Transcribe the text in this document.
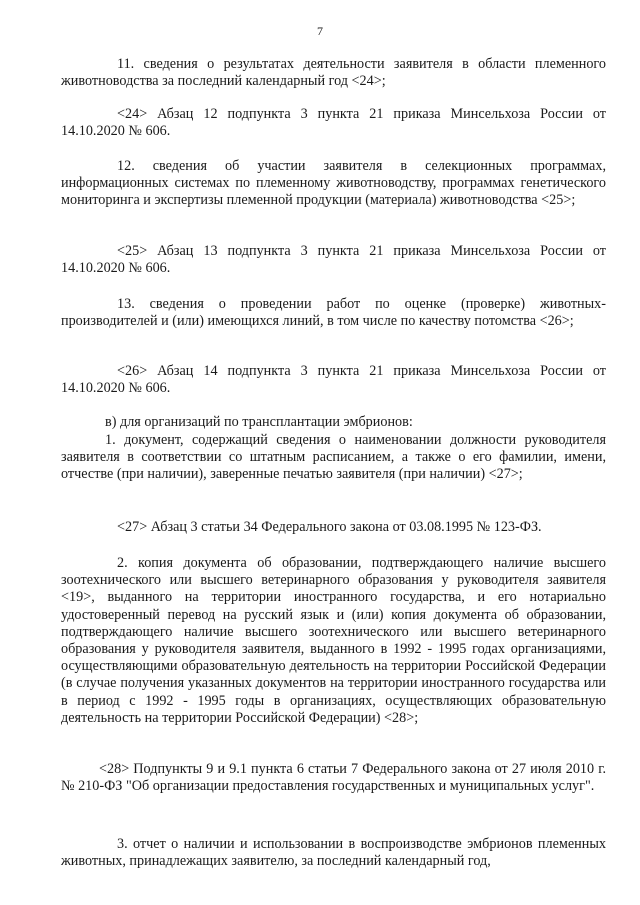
7

11. сведения о результатах деятельности заявителя в области племенного животноводства за последний календарный год <24>;

<24> Абзац 12 подпункта 3 пункта 21 приказа Минсельхоза России от 14.10.2020 № 606.

12. сведения об участии заявителя в селекционных программах, информационных системах по племенному животноводству, программах генетического мониторинга и экспертизы племенной продукции (материала) животноводства <25>;

<25> Абзац 13 подпункта 3 пункта 21 приказа Минсельхоза России от 14.10.2020 № 606.

13. сведения о проведении работ по оценке (проверке) животных-производителей и (или) имеющихся линий, в том числе по качеству потомства <26>;

<26> Абзац 14 подпункта 3 пункта 21 приказа Минсельхоза России от 14.10.2020 № 606.

в) для организаций по трансплантации эмбрионов:

1. документ, содержащий сведения о наименовании должности руководителя заявителя в соответствии со штатным расписанием, а также о его фамилии, имени, отчестве (при наличии), заверенные печатью заявителя (при наличии) <27>;

<27> Абзац 3 статьи 34 Федерального закона от 03.08.1995 № 123-ФЗ.

2. копия документа об образовании, подтверждающего наличие высшего зоотехнического или высшего ветеринарного образования у руководителя заявителя <19>, выданного на территории иностранного государства, и его нотариально удостоверенный перевод на русский язык и (или) копия документа об образовании, подтверждающего наличие высшего зоотехнического или высшего ветеринарного образования у руководителя заявителя, выданного в 1992 - 1995 годах организациями, осуществляющими образовательную деятельность на территории Российской Федерации (в случае получения указанных документов на территории иностранного государства или в период с 1992 - 1995 годы в организациях, осуществляющих образовательную деятельность на территории Российской Федерации) <28>;

<28> Подпункты 9 и 9.1 пункта 6 статьи 7 Федерального закона от 27 июля 2010 г. № 210-ФЗ "Об организации предоставления государственных и муниципальных услуг".

3. отчет о наличии и использовании в воспроизводстве эмбрионов племенных животных, принадлежащих заявителю, за последний календарный год,
